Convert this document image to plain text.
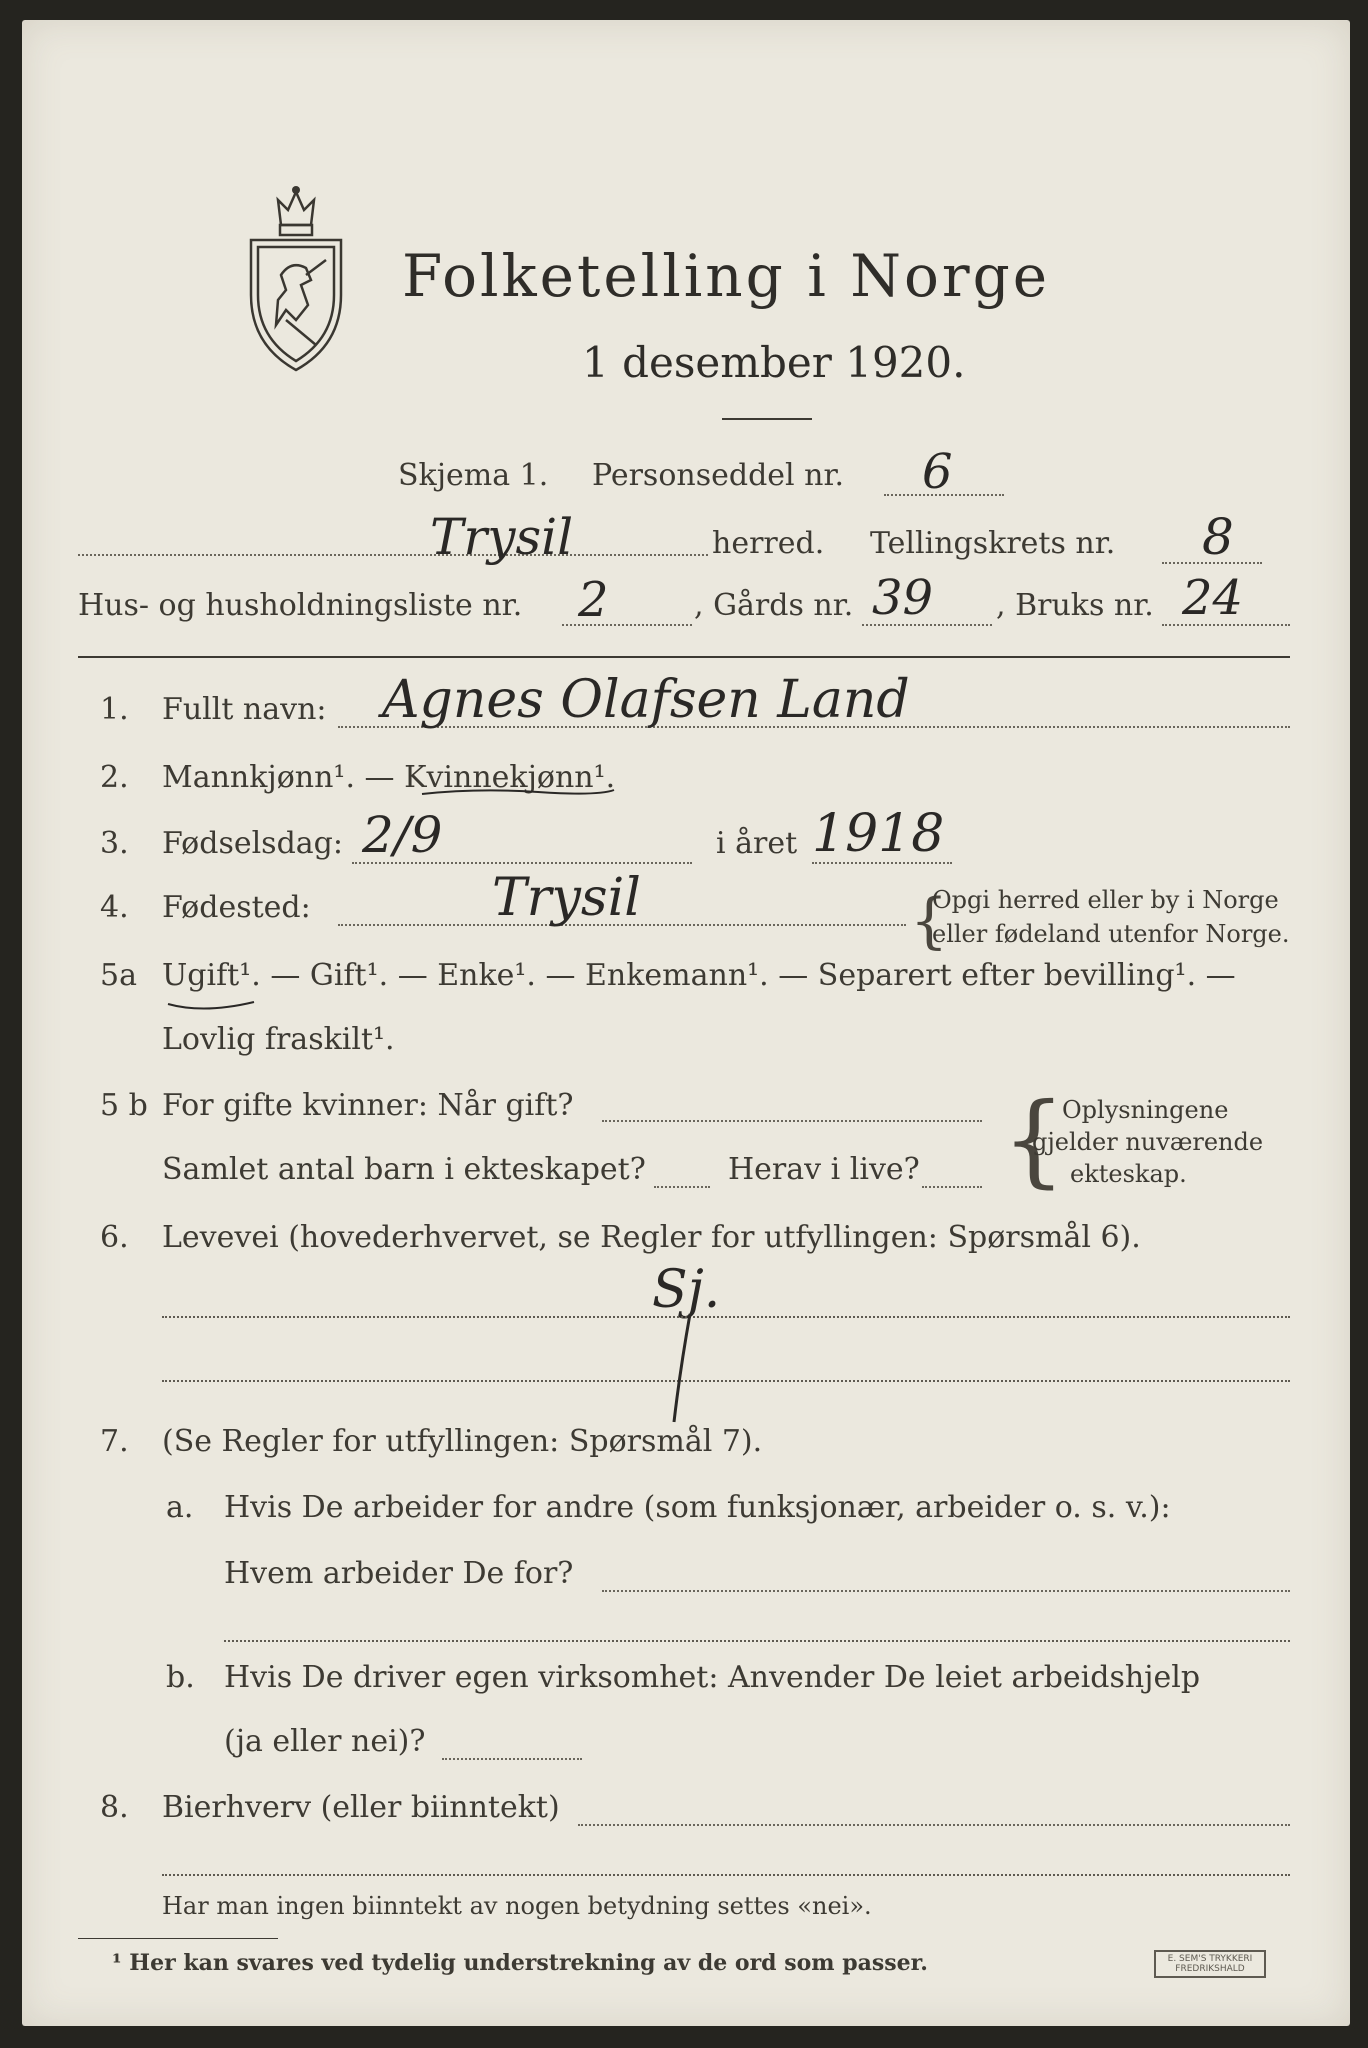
Folketelling i Norge
1 desember 1920.
Skjema 1. Personseddel nr. 6
Trysil	herred. Tellingskrets nr. 8
Hus- og husholdningsliste nr. 2	, Gårds nr. 39 , Bruks nr. 24
1. Fullt navn: Agnes Olafsen Land
2. Mannkjønn¹. — Kvinnekjønn¹.
3. Fødselsdag: 2/9	i året 1918
4. Fødested:	Trysil	{
Opgi herred eller by i Norge
eller fødeland utenfor Norge.
5a Ugift¹. — Gift¹. — Enke¹. — Enkemann¹. — Separert efter bevilling¹. —
Lovlig fraskilt¹.
5 b For gifte kvinner: Når gift?
Samlet antal barn i ekteskapet?	Herav i live? {
Oplysningene
gjelder nuværende
ekteskap.
6. Levevei (hovederhvervet, se Regler for utfyllingen: Spørsmål 6).
Sj.
7. (Se Regler for utfyllingen: Spørsmål 7).
a. Hvis De arbeider for andre (som funksjonær, arbeider o. s. v.):
Hvem arbeider De for?
b. Hvis De driver egen virksomhet: Anvender De leiet arbeidshjelp
(ja eller nei)?
8. Bierhverv (eller biinntekt)
Har man ingen biinntekt av nogen betydning settes «nei».
¹ Her kan svares ved tydelig understrekning av de ord som passer.	E. SEM'S TRYKKERI FREDRIKSHALD
